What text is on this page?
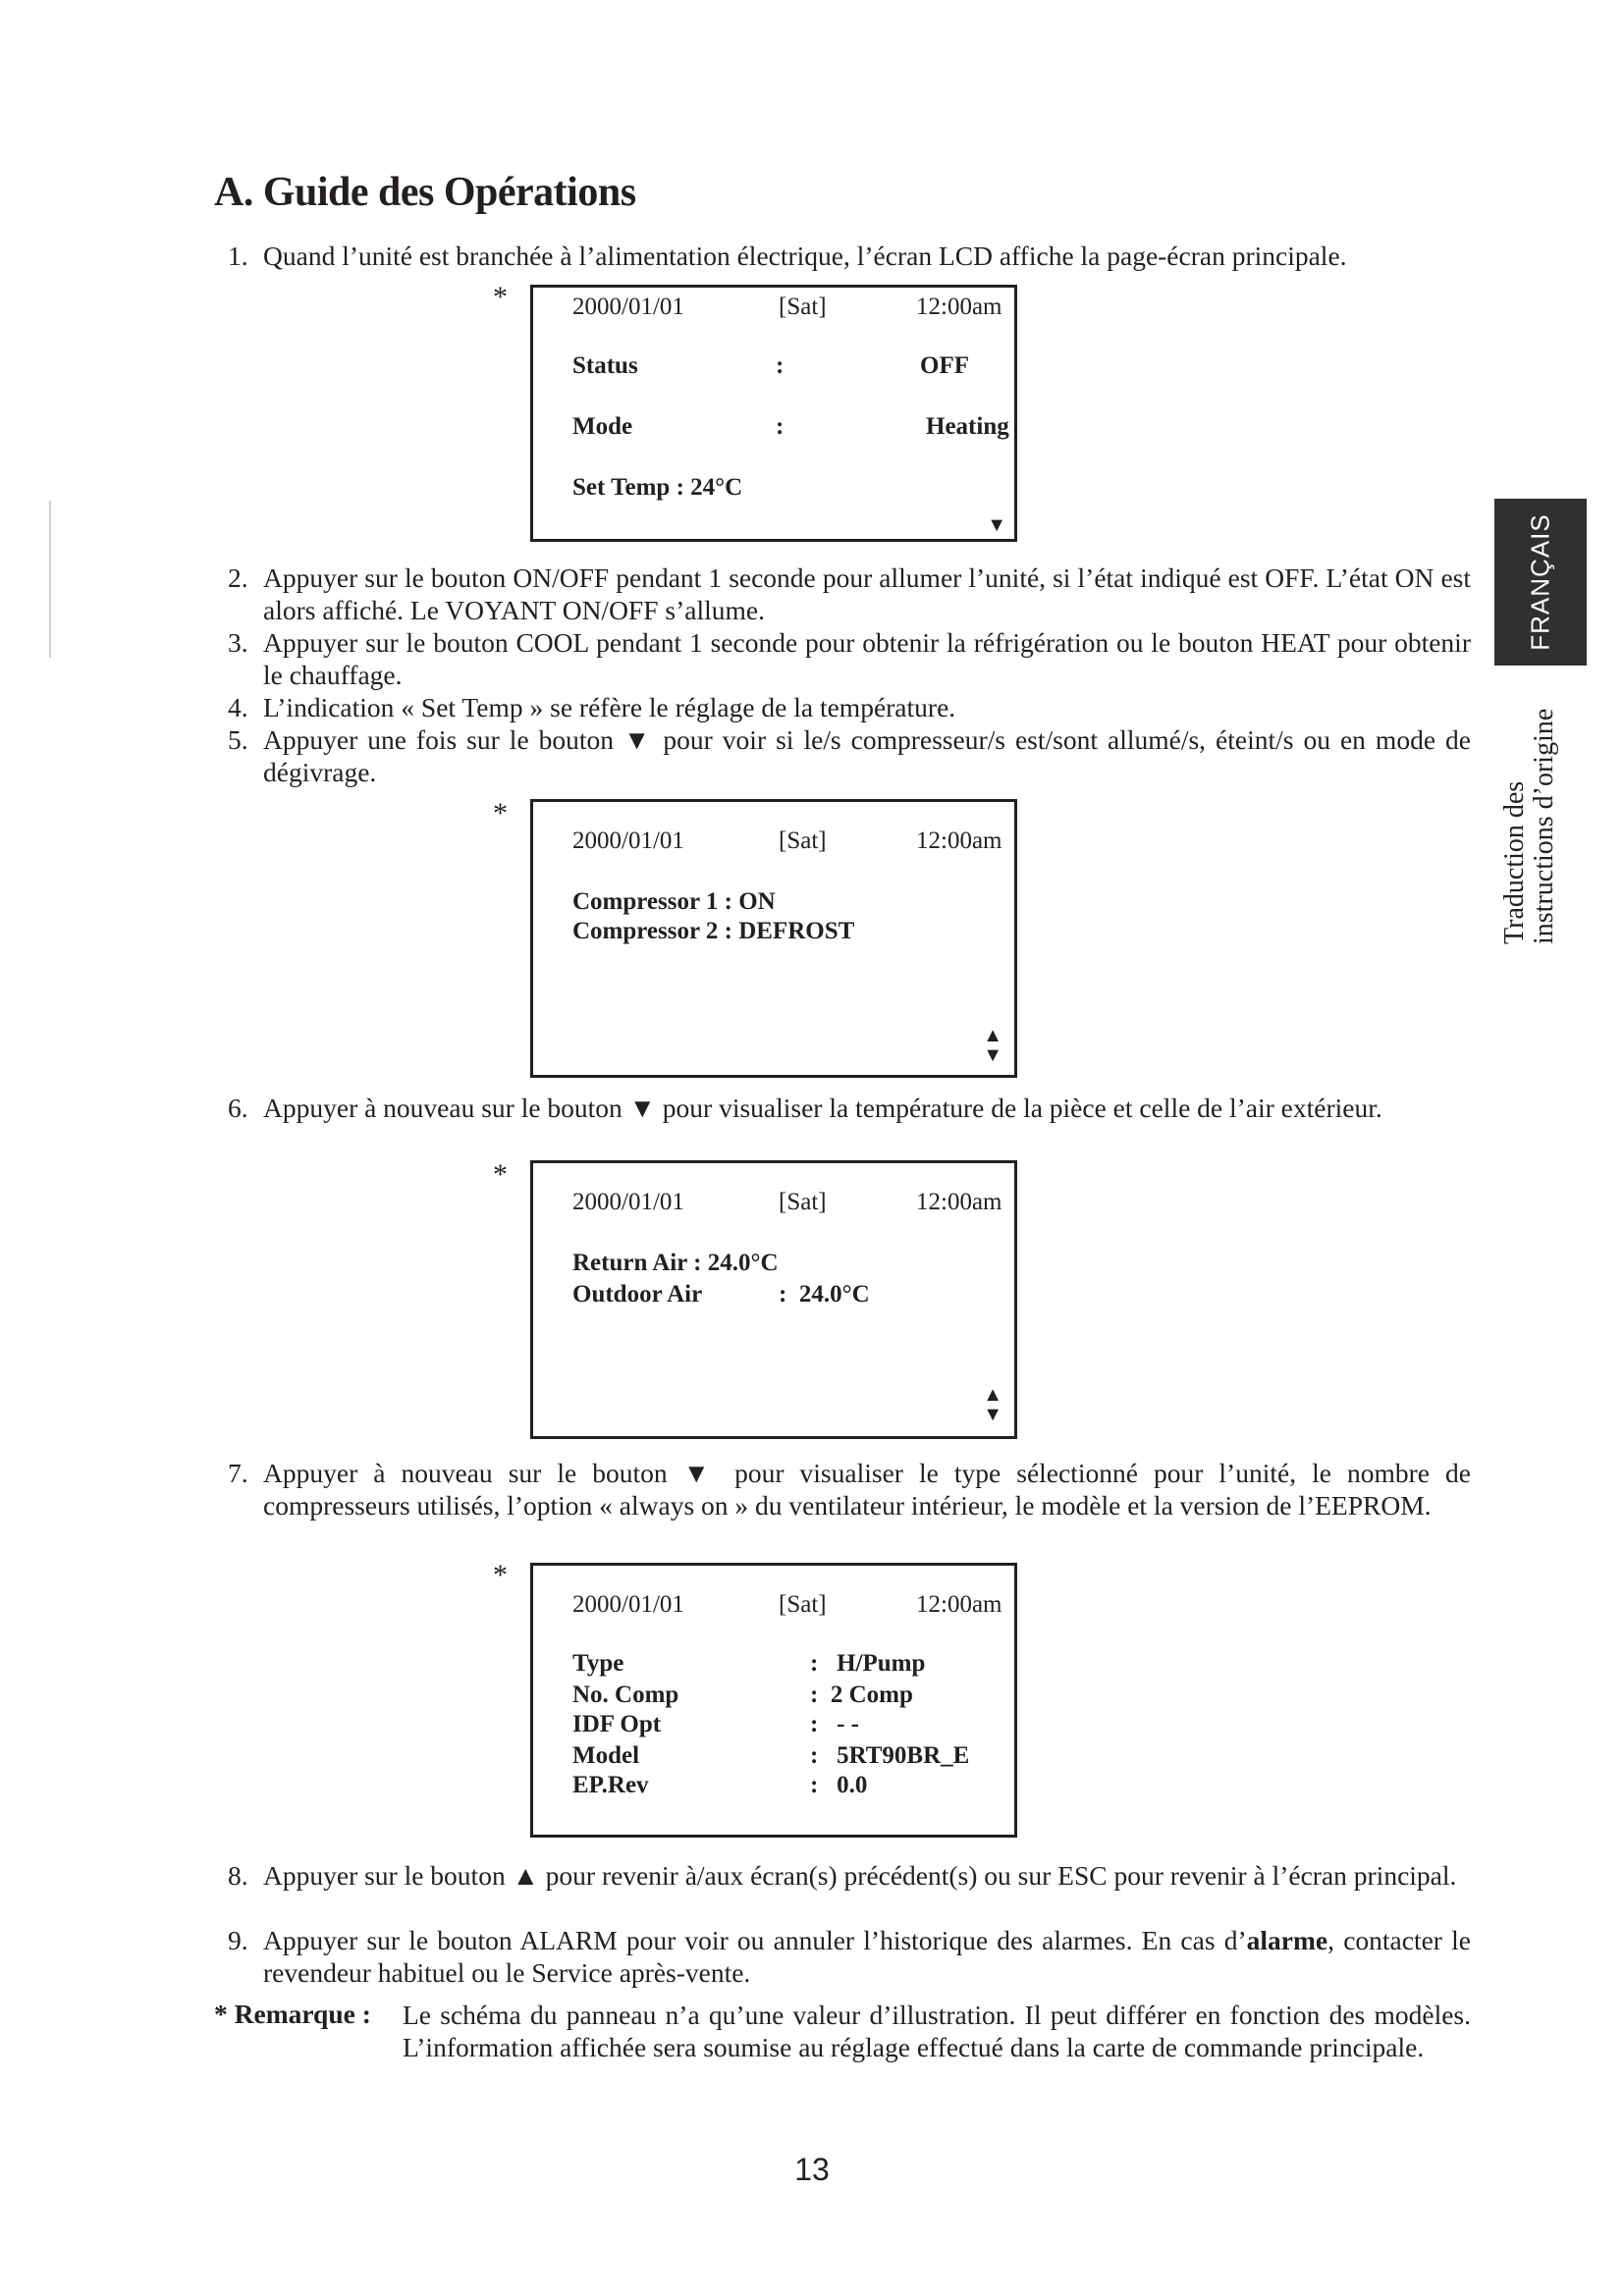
A. Guide des Opérations
1. Quand l’unité est branchée à l’alimentation électrique, l’écran LCD affiche la page-écran principale.
*	2000/01/01	[Sat]	12:00am
Status	:	OFF
Mode	:	Heating
Set Temp : 24°C
▼
2. Appuyer sur le bouton ON/OFF pendant 1 seconde pour allumer l’unité, si l’état indiqué est OFF. L’état ON est alors affiché. Le VOYANT ON/OFF s’allume.
3. Appuyer sur le bouton COOL pendant 1 seconde pour obtenir la réfrigération ou le bouton HEAT pour obtenir le chauffage.
4. L’indication « Set Temp » se réfère le réglage de la température.
5. Appuyer une fois sur le bouton ▼ pour voir si le/s compresseur/s est/sont allumé/s, éteint/s ou en mode de dégivrage.
*
2000/01/01	[Sat]	12:00am
Compressor 1 : ON
Compressor 2 : DEFROST
▲
▼
6. Appuyer à nouveau sur le bouton ▼ pour visualiser la température de la pièce et celle de l’air extérieur.
*
2000/01/01	[Sat]	12:00am
Return Air : 24.0°C
Outdoor Air	:  24.0°C
▲
▼
7. Appuyer à nouveau sur le bouton ▼ pour visualiser le type sélectionné pour l’unité, le nombre de compresseurs utilisés, l’option « always on » du ventilateur intérieur, le modèle et la version de l’EEPROM.
*
2000/01/01	[Sat]	12:00am
Type	:   H/Pump
No. Comp	:  2 Comp
IDF Opt	:   - -
Model	:   5RT90BR_E
EP.Rev	:   0.0
8. Appuyer sur le bouton ▲ pour revenir à/aux écran(s) précédent(s) ou sur ESC pour revenir à l’écran principal.
9. Appuyer sur le bouton ALARM pour voir ou annuler l’historique des alarmes. En cas d’alarme, contacter le revendeur habituel ou le Service après-vente.
* Remarque : Le schéma du panneau n’a qu’une valeur d’illustration. Il peut différer en fonction des modèles. L’information affichée sera soumise au réglage effectué dans la carte de commande principale.
FRANÇAIS
Traduction des instructions d’origine
13
